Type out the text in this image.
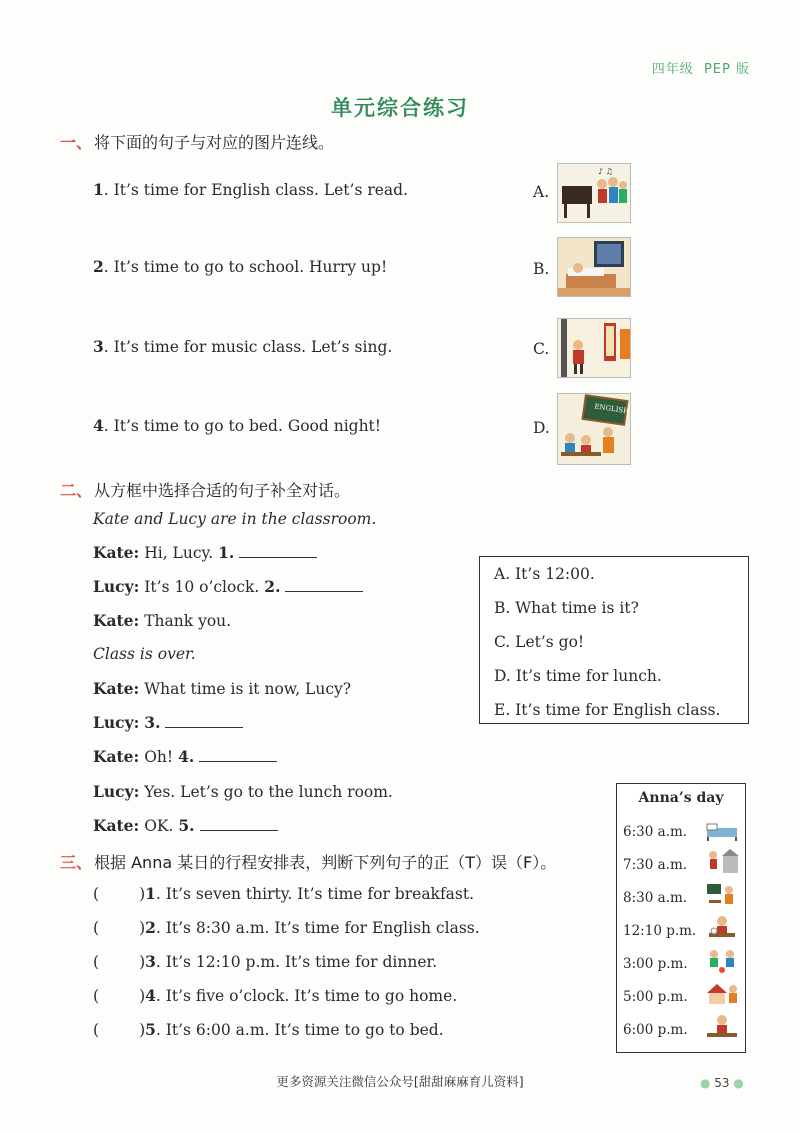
四年级 PEP 版
单元综合练习
一、 将下面的句子与对应的图片连线。
1. It’s time for English class. Let’s read.
2. It’s time to go to school. Hurry up!
3. It’s time for music class. Let’s sing.
4. It’s time to go to bed. Good night!
A.
B.
C.
D.
♪ ♫
ENGLISH
二、 从方框中选择合适的句子补全对话。
Kate and Lucy are in the classroom.
Kate: Hi, Lucy. 1.
Lucy: It’s 10 o’clock. 2.
Kate: Thank you.
Class is over.
Kate: What time is it now, Lucy?
Lucy: 3.
Kate: Oh! 4.
Lucy: Yes. Let’s go to the lunch room.
Kate: OK. 5.
A. It’s 12:00.
B. What time is it?
C. Let’s go!
D. It’s time for lunch.
E. It’s time for English class.
三、 根据 Anna 某日的行程安排表，判断下列句子的正（T）误（F）。
(	)1. It’s seven thirty. It’s time for breakfast.
(	)2. It’s 8:30 a.m. It’s time for English class.
(	)3. It’s 12:10 p.m. It’s time for dinner.
(	)4. It’s five o’clock. It’s time to go home.
(	)5. It’s 6:00 a.m. It’s time to go to bed.
Anna’s day
6:30 a.m.
7:30 a.m.
8:30 a.m.
12:10 p.m.
3:00 p.m.
5:00 p.m.
6:00 p.m.
更多资源关注微信公众号[甜甜麻麻育儿资料]	● 53 ●
